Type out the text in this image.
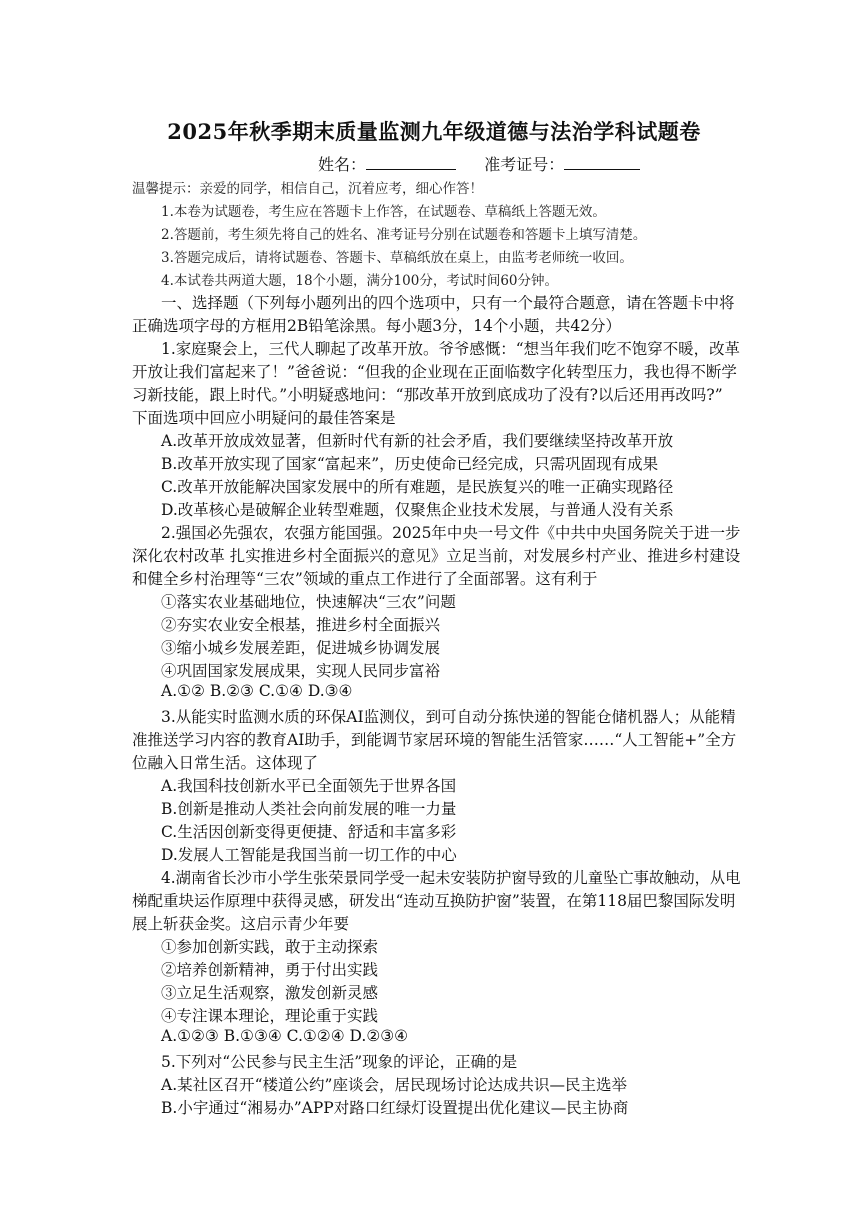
2025年秋季期末质量监测九年级道德与法治学科试题卷
姓名：	准考证号：
温馨提示：亲爱的同学，相信自己，沉着应考，细心作答！
1.本卷为试题卷，考生应在答题卡上作答，在试题卷、草稿纸上答题无效。
2.答题前，考生须先将自己的姓名、准考证号分别在试题卷和答题卡上填写清楚。
3.答题完成后，请将试题卷、答题卡、草稿纸放在桌上，由监考老师统一收回。
4.本试卷共两道大题，18个小题，满分100分，考试时间60分钟。
一、选择题（下列每小题列出的四个选项中，只有一个最符合题意，请在答题卡中将
正确选项字母的方框用2B铅笔涂黑。每小题3分，14个小题，共42分）
1.家庭聚会上，三代人聊起了改革开放。爷爷感慨：“想当年我们吃不饱穿不暖，改革
开放让我们富起来了！”爸爸说：“但我的企业现在正面临数字化转型压力，我也得不断学
习新技能，跟上时代。”小明疑惑地问：“那改革开放到底成功了没有?以后还用再改吗?”
下面选项中回应小明疑问的最佳答案是
A.改革开放成效显著，但新时代有新的社会矛盾，我们要继续坚持改革开放
B.改革开放实现了国家“富起来”，历史使命已经完成，只需巩固现有成果
C.改革开放能解决国家发展中的所有难题，是民族复兴的唯一正确实现路径
D.改革核心是破解企业转型难题，仅聚焦企业技术发展，与普通人没有关系
2.强国必先强农，农强方能国强。2025年中央一号文件《中共中央国务院关于进一步
深化农村改革 扎实推进乡村全面振兴的意见》立足当前，对发展乡村产业、推进乡村建设
和健全乡村治理等“三农”领域的重点工作进行了全面部署。这有利于
①落实农业基础地位，快速解决“三农”问题
②夯实农业安全根基，推进乡村全面振兴
③缩小城乡发展差距，促进城乡协调发展
④巩固国家发展成果，实现人民同步富裕
A.①② B.②③ C.①④ D.③④
3.从能实时监测水质的环保AI监测仪，到可自动分拣快递的智能仓储机器人；从能精
准推送学习内容的教育AI助手，到能调节家居环境的智能生活管家……“人工智能+”全方
位融入日常生活。这体现了
A.我国科技创新水平已全面领先于世界各国
B.创新是推动人类社会向前发展的唯一力量
C.生活因创新变得更便捷、舒适和丰富多彩
D.发展人工智能是我国当前一切工作的中心
4.湖南省长沙市小学生张荣景同学受一起未安装防护窗导致的儿童坠亡事故触动，从电
梯配重块运作原理中获得灵感，研发出“连动互换防护窗”装置，在第118届巴黎国际发明
展上斩获金奖。这启示青少年要
①参加创新实践，敢于主动探索
②培养创新精神，勇于付出实践
③立足生活观察，激发创新灵感
④专注课本理论，理论重于实践
A.①②③ B.①③④ C.①②④ D.②③④
5.下列对“公民参与民主生活”现象的评论，正确的是
A.某社区召开“楼道公约”座谈会，居民现场讨论达成共识—民主选举
B.小宇通过“湘易办”APP对路口红绿灯设置提出优化建议—民主协商
